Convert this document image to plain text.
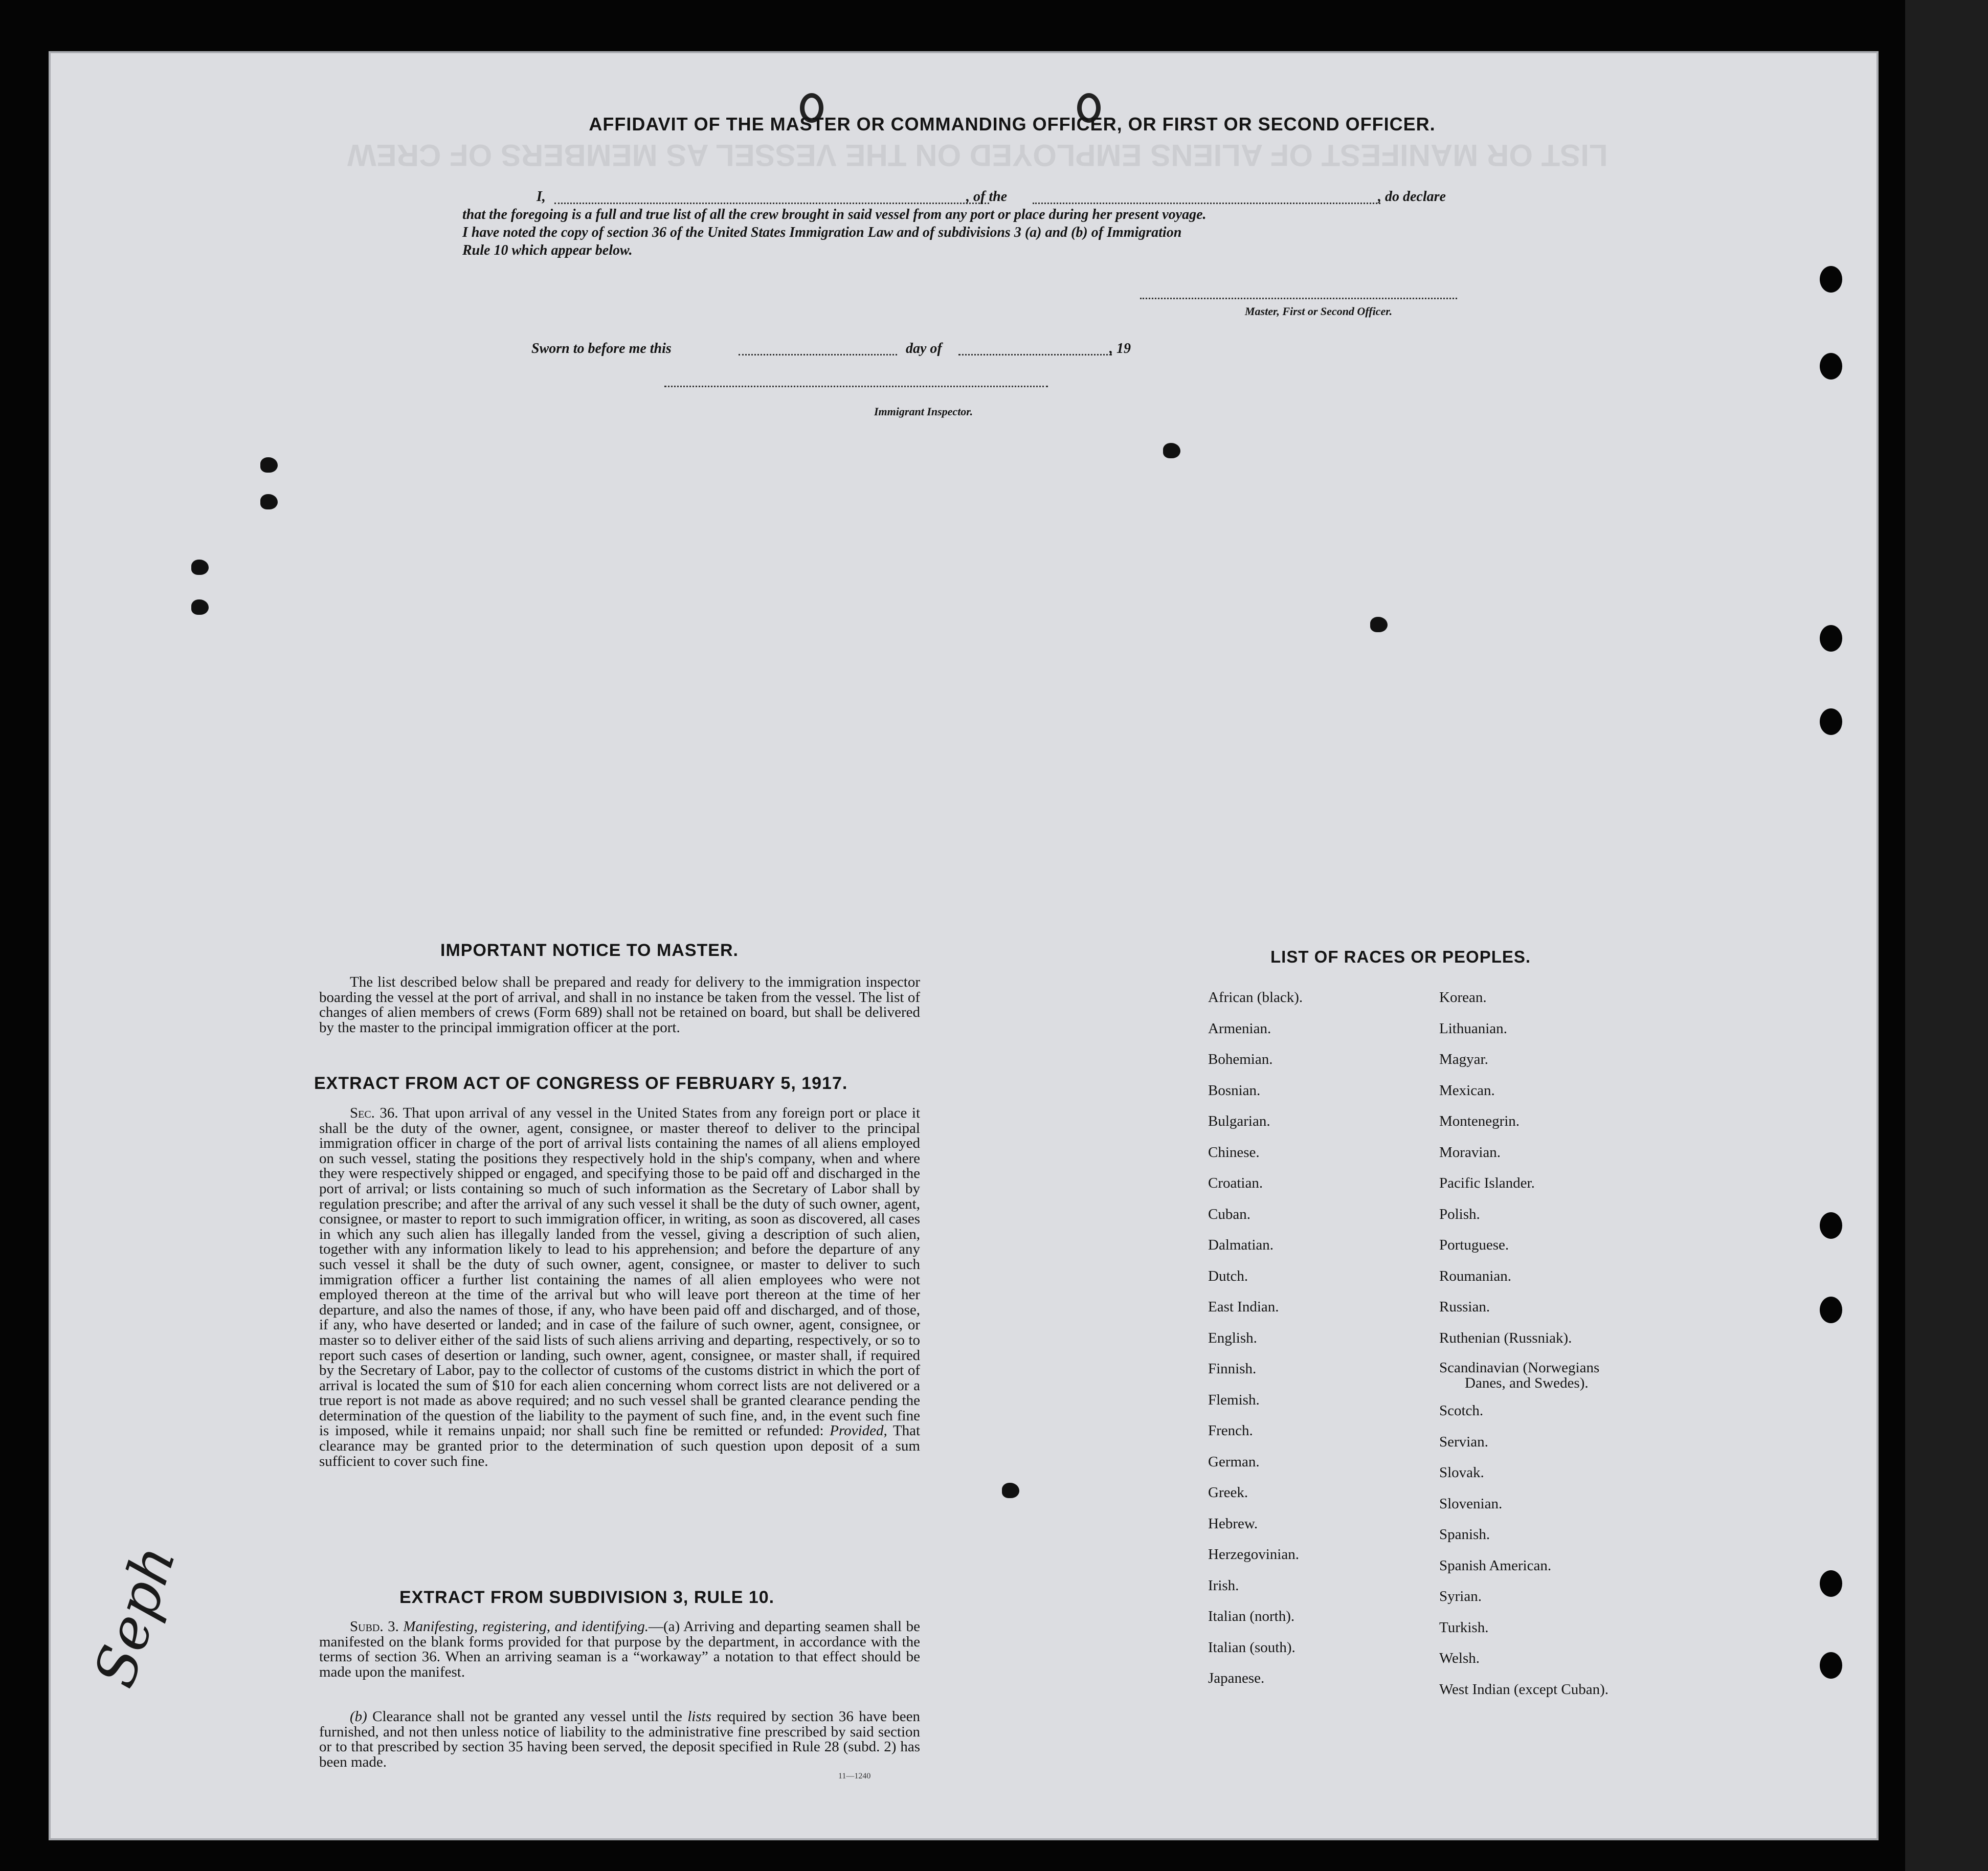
LIST OR MANIFEST OF ALIENS EMPLOYED ON THE VESSEL AS MEMBERS OF CREW
AFFIDAVIT OF THE MASTER OR COMMANDING OFFICER, OR FIRST OR SECOND OFFICER.
I,	, of the	, do declare
that the foregoing is a full and true list of all the crew brought in said vessel from any port or place during her present voyage.
I have noted the copy of section 36 of the United States Immigration Law and of subdivisions 3 (a) and (b) of Immigration
Rule 10 which appear below.
Master, First or Second Officer.
Sworn to before me this	day of	, 19
Immigrant Inspector.
IMPORTANT NOTICE TO MASTER.

The list described below shall be prepared and ready for delivery to the immigration inspector boarding the vessel at the port of arrival, and shall in no instance be taken from the vessel. The list of changes of alien members of crews (Form 689) shall not be retained on board, but shall be delivered by the master to the principal immigration officer at the port.

EXTRACT FROM ACT OF CONGRESS OF FEBRUARY 5, 1917.

Sec. 36. That upon arrival of any vessel in the United States from any foreign port or place it shall be the duty of the owner, agent, consignee, or master thereof to deliver to the principal immigration officer in charge of the port of arrival lists containing the names of all aliens employed on such vessel, stating the positions they respectively hold in the ship's company, when and where they were respectively shipped or engaged, and specifying those to be paid off and discharged in the port of arrival; or lists containing so much of such information as the Secretary of Labor shall by regulation prescribe; and after the arrival of any such vessel it shall be the duty of such owner, agent, consignee, or master to report to such immigration officer, in writing, as soon as discovered, all cases in which any such alien has illegally landed from the vessel, giving a description of such alien, together with any information likely to lead to his apprehension; and before the departure of any such vessel it shall be the duty of such owner, agent, consignee, or master to deliver to such immigration officer a further list containing the names of all alien employees who were not employed thereon at the time of the arrival but who will leave port thereon at the time of her departure, and also the names of those, if any, who have been paid off and discharged, and of those, if any, who have deserted or landed; and in case of the failure of such owner, agent, consignee, or master so to deliver either of the said lists of such aliens arriving and departing, respectively, or so to report such cases of desertion or landing, such owner, agent, consignee, or master shall, if required by the Secretary of Labor, pay to the collector of customs of the customs district in which the port of arrival is located the sum of $10 for each alien concerning whom correct lists are not delivered or a true report is not made as above required; and no such vessel shall be granted clearance pending the determination of the question of the liability to the payment of such fine, and, in the event such fine is imposed, while it remains unpaid; nor shall such fine be remitted or refunded: Provided, That clearance may be granted prior to the determination of such question upon deposit of a sum sufficient to cover such fine.

EXTRACT FROM SUBDIVISION 3, RULE 10.

Subd. 3. Manifesting, registering, and identifying.—(a) Arriving and departing seamen shall be manifested on the blank forms provided for that purpose by the department, in accordance with the terms of section 36. When an arriving seaman is a “workaway” a notation to that effect should be made upon the manifest.

(b) Clearance shall not be granted any vessel until the lists required by section 36 have been furnished, and not then unless notice of liability to the administrative fine prescribed by said section or to that prescribed by section 35 having been served, the deposit specified in Rule 28 (subd. 2) has been made.

11—1240
LIST OF RACES OR PEOPLES.
African (black).
Armenian.
Bohemian.
Bosnian.
Bulgarian.
Chinese.
Croatian.
Cuban.
Dalmatian.
Dutch.
East Indian.
English.
Finnish.
Flemish.
French.
German.
Greek.
Hebrew.
Herzegovinian.
Irish.
Italian (north).
Italian (south).
Japanese.
Korean.
Lithuanian.
Magyar.
Mexican.
Montenegrin.
Moravian.
Pacific Islander.
Polish.
Portuguese.
Roumanian.
Russian.
Ruthenian (Russniak).
Scandinavian (Norwegians
Danes, and Swedes).
Scotch.
Servian.
Slovak.
Slovenian.
Spanish.
Spanish American.
Syrian.
Turkish.
Welsh.
West Indian (except Cuban).
Seph
